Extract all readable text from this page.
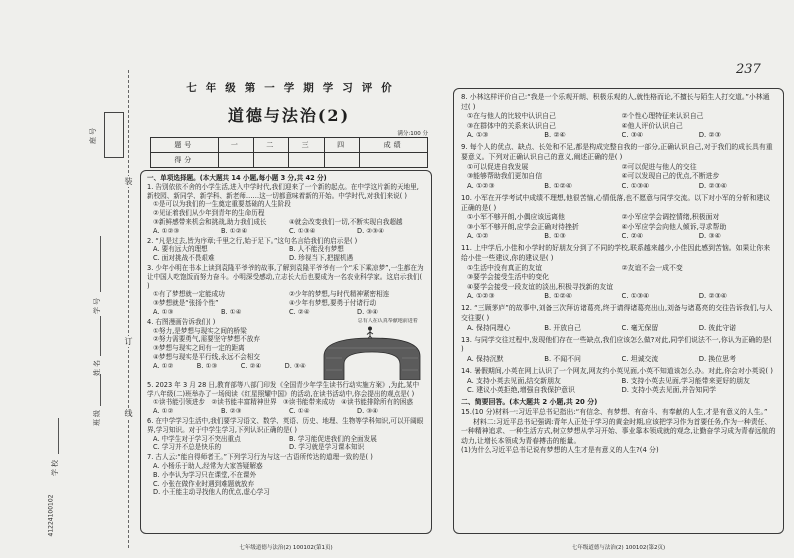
237
装
订
线
座号
学号
姓名
班级
学校
41224100102
七年级第一学期学习评价
道德与法治(2)
满分:100 分
题号	一	二	三	四	成绩
得分					
一、单项选择题。(本大题共 14 小题,每小题 3 分,共 42 分)
1. 告别依依不舍的小学生活,进入中学时代,我们迎来了一个新的起点。在中学这片新的天地里,新校园、新同学、新学科、新老师……这一切都意味着新的开始。中学时代,对我们来说( )
①是可以为我们的一生奠定重要基础的人生阶段
②见证着我们从少年到青年的生命历程
③新鲜感带来机会和挑战,助力我们成长	④就会改变我们一切,不断实现自我超越
A. ①②③	B. ①②④	C. ①③④	D. ②③④
2. “凡是过去,皆为序章;千里之行,始于足下。”这句名言给我们的启示是( )
A. 要有远大的理想	B. 人不能没有梦想
C. 面对挑战不畏艰难	D. 珍视当下,把握机遇
3. 少年小明在书本上读到袁隆平爷爷的故事,了解到袁隆平爷爷有一个“禾下乘凉梦”,一生都在为让中国人吃饱饭而努力奋斗。小明深受感动,立志长大后也要成为一名农业科学家。这启示我们( )
①有了梦想就一定能成功	②少年的梦想,与时代精神紧密相连
③梦想就是“张扬个性”	④少年有梦想,要勇于付诸行动
A. ①③	B. ①④	C. ②④	D. ③④
4. 右图漫画告诉我们( )
①努力,是梦想与现实之间的桥梁
②努力需要勇气,需要坚守梦想不放弃
③梦想与现实之间有一定的距离
④梦想与现实是平行线,永远不会相交
A. ①②	B. ①③	C. ②④	D. ③④
总有人在认真奉献地前进着
5. 2023 年 3 月 28 日,教育部等八部门印发《全国青少年学生读书行动实施方案》,为此,某中学八年级(二)班举办了一场阅读《红星照耀中国》的活动,在读书活动中,你会提出的观点是( )
①读书能引领进步 ②读书能丰富精神世界 ③读书能带来成功 ④读书能排除所有的困惑
A. ①②	B. ②③	C. ①④	D. ③④
6. 在中学学习生活中,我们要学习语文、数学、英语、历史、地理、生物等学科知识,可以开阔眼界,学习知识。对于中学生学习,下列认识正确的是( )
A. 中学生对于学习不突出重点	B. 学习能促进我们的全面发展
C. 学习并不总是快乐的	D. 学习就是学习课本知识
7. 古人云:“能自得师者王。”下列学习行为与这一古语所传达的道理一致的是( )
A. 小杨乐于助人,经常为大家答疑解惑
B. 小李认为学习只在课堂,不在课外
C. 小张在做作业时遇到难题就放弃
D. 小王能主动寻找他人的优点,虚心学习
七年级道德与法治(2) 100102(第1页)
8. 小林这样评价自己:“我是一个乐观开朗、积极乐观的人,就性格而论,不擅长与陌生人打交道。”小林通过( )
①在与他人的比较中认识自己	②个性心理特征来认识自己
③在群体中的关系来认识自己	④他人评价认识自己
A. ①③	B. ②④	C. ③④	D. ②③
9. 每个人的优点、缺点、长处和不足,都是构成完整自我的一部分,正确认识自己,对于我们的成长具有重要意义。下列对正确认识自己的意义,阐述正确的是( )
①可以促进自我发展	②可以促进与他人的交往
③能够帮助我们更加自信	④可以发现自己的优点,不断进步
A. ①②③	B. ①②④	C. ①③④	D. ②③④
10. 小军在开学考试中成绩不理想,他很苦恼,心情低落,也不愿意与同学交流。以下对小军的分析和建议正确的是( )
①小军不够开朗,小偶应该远离他	②小军应学会调控情绪,积极面对
③小军不够开朗,应学会正确对待挫折	④小军应学会向他人倾诉,寻求帮助
A. ①②	B. ①③	C. ②④	D. ③④
11. 上中学后,小佳和小学时的好朋友分到了不同的学校,联系越来越少,小佳因此感到苦恼。如果让你来给小佳一些建议,你的建议是( )
①生活中没有真正的友谊	②友谊不会一成不变
③要学会接受生活中的变化
④要学会接受一段友谊的淡出,积极寻找新的友谊
A. ①②③	B. ①②④	C. ①③④	D. ②③④
12. “三顾茅庐”的故事中,刘备三次拜访诸葛亮,终于请得诸葛亮出山,刘备与诸葛亮的交往告诉我们,与人交往要( )
A. 保持同理心	B. 开放自己	C. 毫无保留	D. 彼此守诺
13. 与同学交往过程中,发现他们存在一些缺点,我们应该怎么做?对此,同学们说法不一,你认为正确的是( )
A. 保持沉默	B. 不闻不问	C. 坦诚交流	D. 换位思考
14. 暑假期间,小英在网上认识了一个网友,网友约小英见面,小英不知道该怎么办。对此,你会对小英说( )
A. 支持小英去见面,结交新朋友	B. 支持小英去见面,学习能带来更好的朋友
C. 建议小英拒绝,增强自我保护意识	D. 支持小英去见面,并告知同学
二、简要回答。(本大题共 2 小题,共 20 分)
15.(10 分)材料一:习近平总书记指出:“有信念、有梦想、有奋斗、有奉献的人生,才是有意义的人生。”
材料二:习近平总书记强调:青年人正处于学习的黄金时期,应该把学习作为首要任务,作为一种责任、一种精神追求、一种生活方式,树立梦想从学习开始、事业靠本领成就的观念,让勤奋学习成为青春远航的动力,让增长本领成为青春搏击的能量。
(1)为什么习近平总书记说有梦想的人生才是有意义的人生?(4 分)
七年级道德与法治(2) 100102(第2页)
